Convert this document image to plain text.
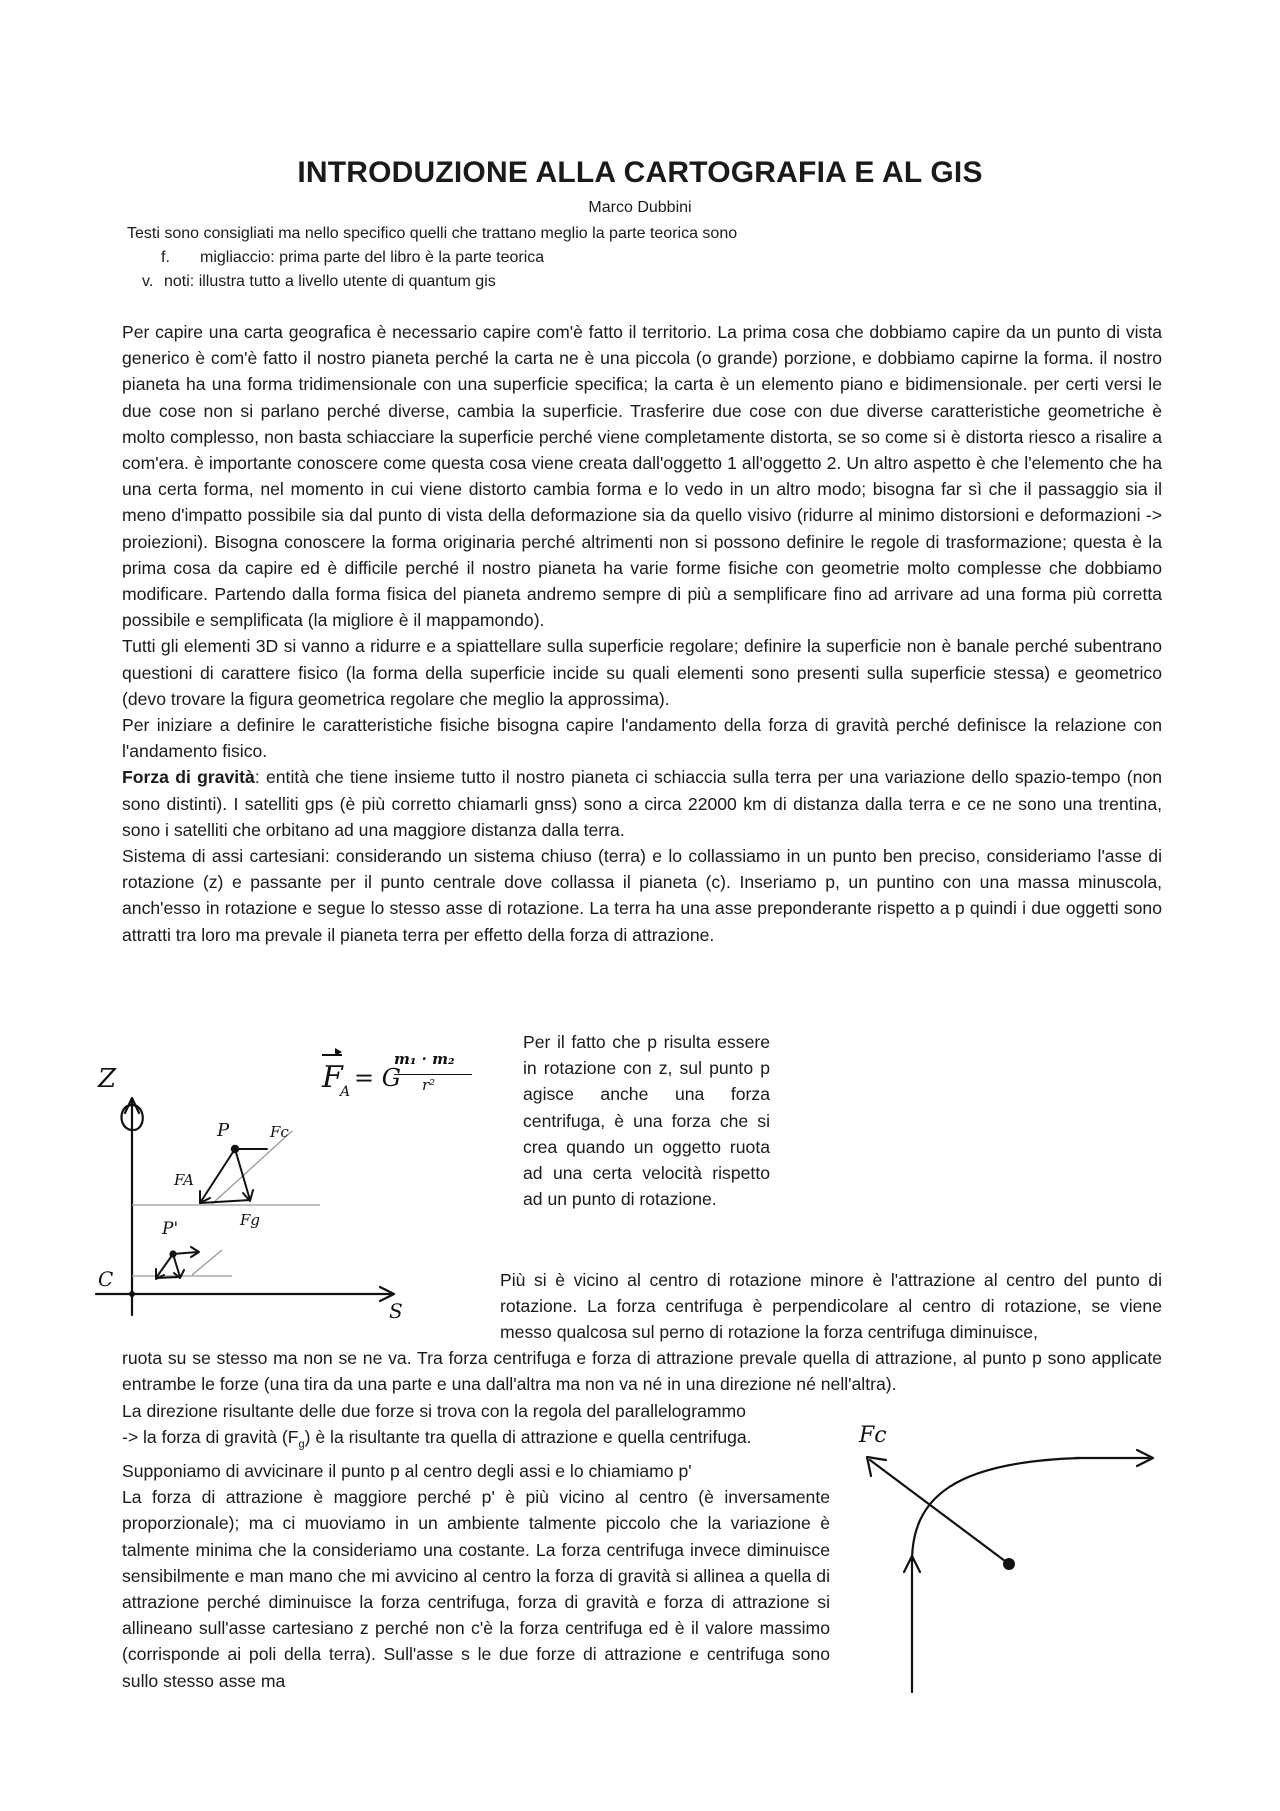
INTRODUZIONE ALLA CARTOGRAFIA E AL GIS
Marco Dubbini
Testi sono consigliati ma nello specifico quelli che trattano meglio la parte teorica sono
f. migliaccio: prima parte del libro è la parte teorica
v. noti: illustra tutto a livello utente di quantum gis

Per capire una carta geografica è necessario capire com'è fatto il territorio. La prima cosa che dobbiamo capire da un punto di vista generico è com'è fatto il nostro pianeta perché la carta ne è una piccola (o grande) porzione, e dobbiamo capirne la forma. il nostro pianeta ha una forma tridimensionale con una superficie specifica; la carta è un elemento piano e bidimensionale. per certi versi le due cose non si parlano perché diverse, cambia la superficie. Trasferire due cose con due diverse caratteristiche geometriche è molto complesso, non basta schiacciare la superficie perché viene completamente distorta, se so come si è distorta riesco a risalire a com'era. è importante conoscere come questa cosa viene creata dall'oggetto 1 all'oggetto 2. Un altro aspetto è che l'elemento che ha una certa forma, nel momento in cui viene distorto cambia forma e lo vedo in un altro modo; bisogna far sì che il passaggio sia il meno d'impatto possibile sia dal punto di vista della deformazione sia da quello visivo (ridurre al minimo distorsioni e deformazioni -> proiezioni). Bisogna conoscere la forma originaria perché altrimenti non si possono definire le regole di trasformazione; questa è la prima cosa da capire ed è difficile perché il nostro pianeta ha varie forme fisiche con geometrie molto complesse che dobbiamo modificare. Partendo dalla forma fisica del pianeta andremo sempre di più a semplificare fino ad arrivare ad una forma più corretta possibile e semplificata (la migliore è il mappamondo).

Tutti gli elementi 3D si vanno a ridurre e a spiattellare sulla superficie regolare; definire la superficie non è banale perché subentrano questioni di carattere fisico (la forma della superficie incide su quali elementi sono presenti sulla superficie stessa) e geometrico (devo trovare la figura geometrica regolare che meglio la approssima).

Per iniziare a definire le caratteristiche fisiche bisogna capire l'andamento della forza di gravità perché definisce la relazione con l'andamento fisico.

Forza di gravità: entità che tiene insieme tutto il nostro pianeta ci schiaccia sulla terra per una variazione dello spazio-tempo (non sono distinti). I satelliti gps (è più corretto chiamarli gnss) sono a circa 22000 km di distanza dalla terra e ce ne sono una trentina, sono i satelliti che orbitano ad una maggiore distanza dalla terra.

Sistema di assi cartesiani: considerando un sistema chiuso (terra) e lo collassiamo in un punto ben preciso, consideriamo l'asse di rotazione (z) e passante per il punto centrale dove collassa il pianeta (c). Inseriamo p, un puntino con una massa minuscola, anch'esso in rotazione e segue lo stesso asse di rotazione. La terra ha una asse preponderante rispetto a p quindi i due oggetti sono attratti tra loro ma prevale il pianeta terra per effetto della forza di attrazione.

Z
C
S
P
P'
Fc
FA
Fg
F
A = G
m₁ · m₂
r²

Per il fatto che p risulta essere in rotazione con z, sul punto p agisce anche una forza centrifuga, è una forza che si crea quando un oggetto ruota ad una certa velocità rispetto ad un punto di rotazione.

Più si è vicino al centro di rotazione minore è l'attrazione al centro del punto di rotazione. La forza centrifuga è perpendicolare al centro di rotazione, se viene messo qualcosa sul perno di rotazione la forza centrifuga diminuisce,

ruota su se stesso ma non se ne va. Tra forza centrifuga e forza di attrazione prevale quella di attrazione, al punto p sono applicate entrambe le forze (una tira da una parte e una dall'altra ma non va né in una direzione né nell'altra).

La direzione risultante delle due forze si trova con la regola del parallelogrammo

-> la forza di gravità $(F_g)$ è la risultante tra quella di attrazione e quella centrifuga.

Supponiamo di avvicinare il punto p al centro degli assi e lo chiamiamo p'

La forza di attrazione è maggiore perché p' è più vicino al centro (è inversamente proporzionale); ma ci muoviamo in un ambiente talmente piccolo che la variazione è talmente minima che la consideriamo una costante. La forza centrifuga invece diminuisce sensibilmente e man mano che mi avvicino al centro la forza di gravità si allinea a quella di attrazione perché diminuisce la forza centrifuga, forza di gravità e forza di attrazione si allineano sull'asse cartesiano z perché non c'è la forza centrifuga ed è il valore massimo (corrisponde ai poli della terra). Sull'asse s le due forze di attrazione e centrifuga sono sullo stesso asse ma

Fc
